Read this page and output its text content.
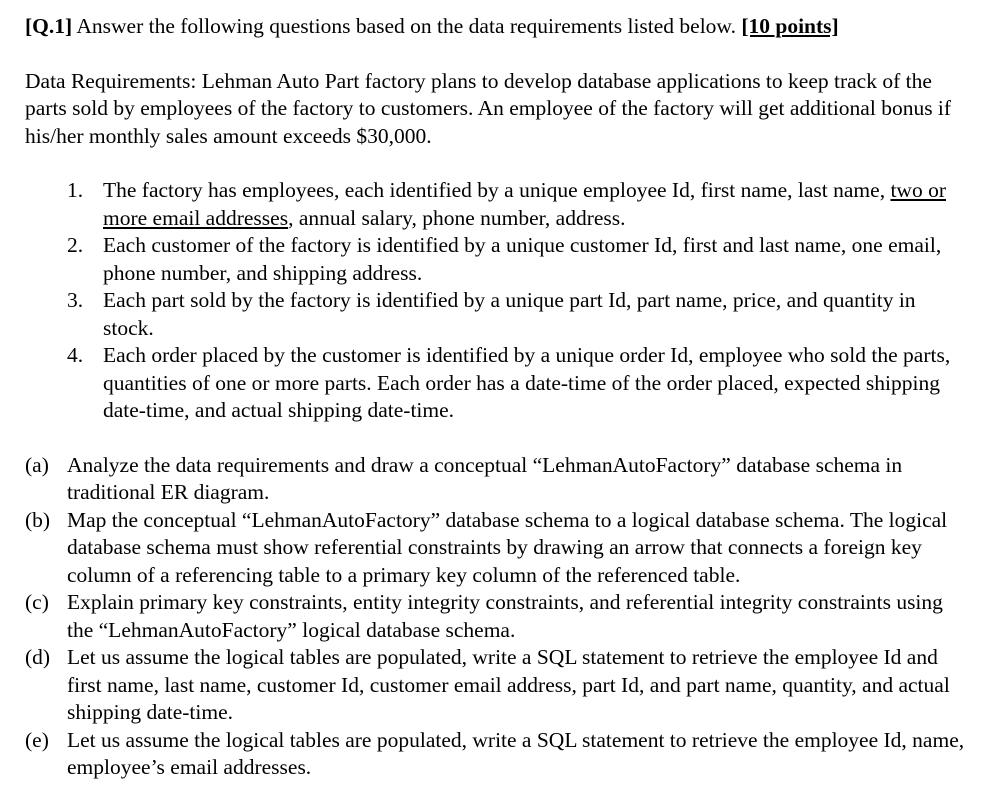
[Q.1] Answer the following questions based on the data requirements listed below. [10 points]

Data Requirements: Lehman Auto Part factory plans to develop database applications to keep track of the parts sold by employees of the factory to customers. An employee of the factory will get additional bonus if his/her monthly sales amount exceeds $30,000.

1. The factory has employees, each identified by a unique employee Id, first name, last name, two or more email addresses, annual salary, phone number, address.
2. Each customer of the factory is identified by a unique customer Id, first and last name, one email, phone number, and shipping address.
3. Each part sold by the factory is identified by a unique part Id, part name, price, and quantity in stock.
4. Each order placed by the customer is identified by a unique order Id, employee who sold the parts, quantities of one or more parts. Each order has a date-time of the order placed, expected shipping date-time, and actual shipping date-time.
(a) Analyze the data requirements and draw a conceptual “LehmanAutoFactory” database schema in traditional ER diagram.
(b) Map the conceptual “LehmanAutoFactory” database schema to a logical database schema. The logical database schema must show referential constraints by drawing an arrow that connects a foreign key column of a referencing table to a primary key column of the referenced table.
(c) Explain primary key constraints, entity integrity constraints, and referential integrity constraints using the “LehmanAutoFactory” logical database schema.
(d) Let us assume the logical tables are populated, write a SQL statement to retrieve the employee Id and first name, last name, customer Id, customer email address, part Id, and part name, quantity, and actual shipping date-time.
(e) Let us assume the logical tables are populated, write a SQL statement to retrieve the employee Id, name, employee’s email addresses.
